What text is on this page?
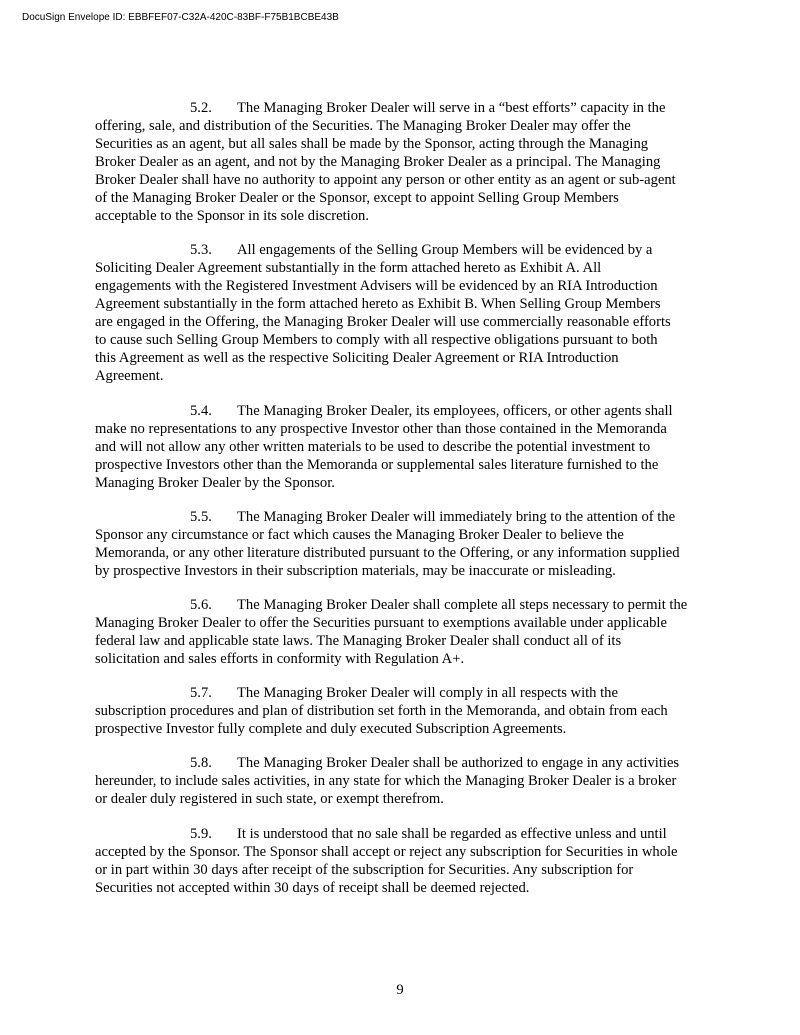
DocuSign Envelope ID: EBBFEF07-C32A-420C-83BF-F75B1BCBE43B
5.2. The Managing Broker Dealer will serve in a “best efforts” capacity in the
offering, sale, and distribution of the Securities. The Managing Broker Dealer may offer the
Securities as an agent, but all sales shall be made by the Sponsor, acting through the Managing
Broker Dealer as an agent, and not by the Managing Broker Dealer as a principal. The Managing
Broker Dealer shall have no authority to appoint any person or other entity as an agent or sub-agent
of the Managing Broker Dealer or the Sponsor, except to appoint Selling Group Members
acceptable to the Sponsor in its sole discretion.
5.3. All engagements of the Selling Group Members will be evidenced by a
Soliciting Dealer Agreement substantially in the form attached hereto as Exhibit A. All
engagements with the Registered Investment Advisers will be evidenced by an RIA Introduction
Agreement substantially in the form attached hereto as Exhibit B. When Selling Group Members
are engaged in the Offering, the Managing Broker Dealer will use commercially reasonable efforts
to cause such Selling Group Members to comply with all respective obligations pursuant to both
this Agreement as well as the respective Soliciting Dealer Agreement or RIA Introduction
Agreement.
5.4. The Managing Broker Dealer, its employees, officers, or other agents shall
make no representations to any prospective Investor other than those contained in the Memoranda
and will not allow any other written materials to be used to describe the potential investment to
prospective Investors other than the Memoranda or supplemental sales literature furnished to the
Managing Broker Dealer by the Sponsor.
5.5. The Managing Broker Dealer will immediately bring to the attention of the
Sponsor any circumstance or fact which causes the Managing Broker Dealer to believe the
Memoranda, or any other literature distributed pursuant to the Offering, or any information supplied
by prospective Investors in their subscription materials, may be inaccurate or misleading.
5.6. The Managing Broker Dealer shall complete all steps necessary to permit the
Managing Broker Dealer to offer the Securities pursuant to exemptions available under applicable
federal law and applicable state laws. The Managing Broker Dealer shall conduct all of its
solicitation and sales efforts in conformity with Regulation A+.
5.7. The Managing Broker Dealer will comply in all respects with the
subscription procedures and plan of distribution set forth in the Memoranda, and obtain from each
prospective Investor fully complete and duly executed Subscription Agreements.
5.8. The Managing Broker Dealer shall be authorized to engage in any activities
hereunder, to include sales activities, in any state for which the Managing Broker Dealer is a broker
or dealer duly registered in such state, or exempt therefrom.
5.9. It is understood that no sale shall be regarded as effective unless and until
accepted by the Sponsor. The Sponsor shall accept or reject any subscription for Securities in whole
or in part within 30 days after receipt of the subscription for Securities. Any subscription for
Securities not accepted within 30 days of receipt shall be deemed rejected.
9
